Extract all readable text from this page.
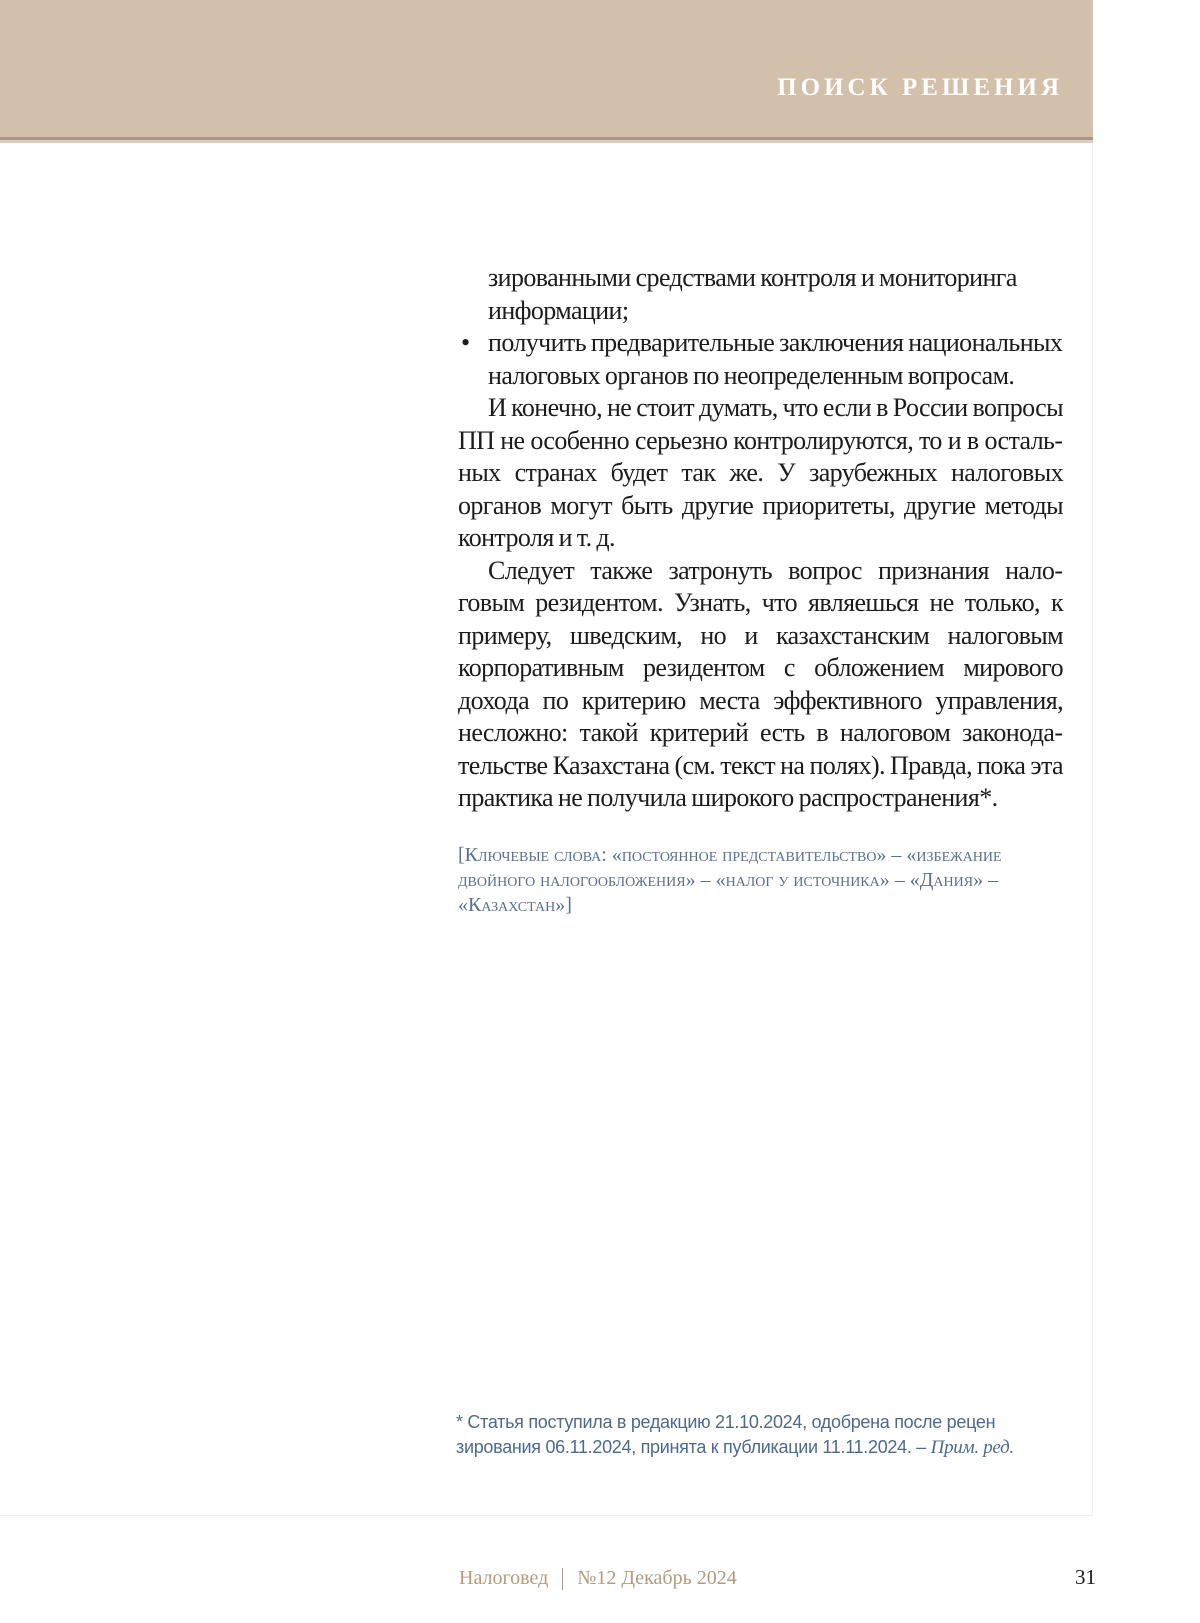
ПОИСК РЕШЕНИЯ

зированными средствами контроля и мониторинга

информации;

• получить предварительные заключения национальных налоговых органов по неопределенным вопросам.

И конечно, не стоит думать, что если в России вопросы ПП не особенно серьезно контролируются, то и в остальных странах будет так же. У зарубежных налоговых органов могут быть другие приоритеты, другие методы контроля и т. д.

Следует также затронуть вопрос признания налоговым резидентом. Узнать, что являешься не только, к примеру, шведским, но и казахстанским налоговым корпоративным резидентом с обложением мирового дохода по критерию места эффективного управления, несложно: такой критерий есть в налоговом законодательстве Казахстана (см. текст на полях). Правда, пока эта практика не получила широкого распространения*.

[Ключевые слова: «постоянное представительство» – «избежание двойного налогообложения» – «налог у источника» – «Дания» – «Казахстан»]
* Статья поступила в редакцию 21.10.2024, одобрена после рецен зирования 06.11.2024, принята к публикации 11.11.2024. – Прим. ред.
Налоговед №12 Декабрь 2024	31
